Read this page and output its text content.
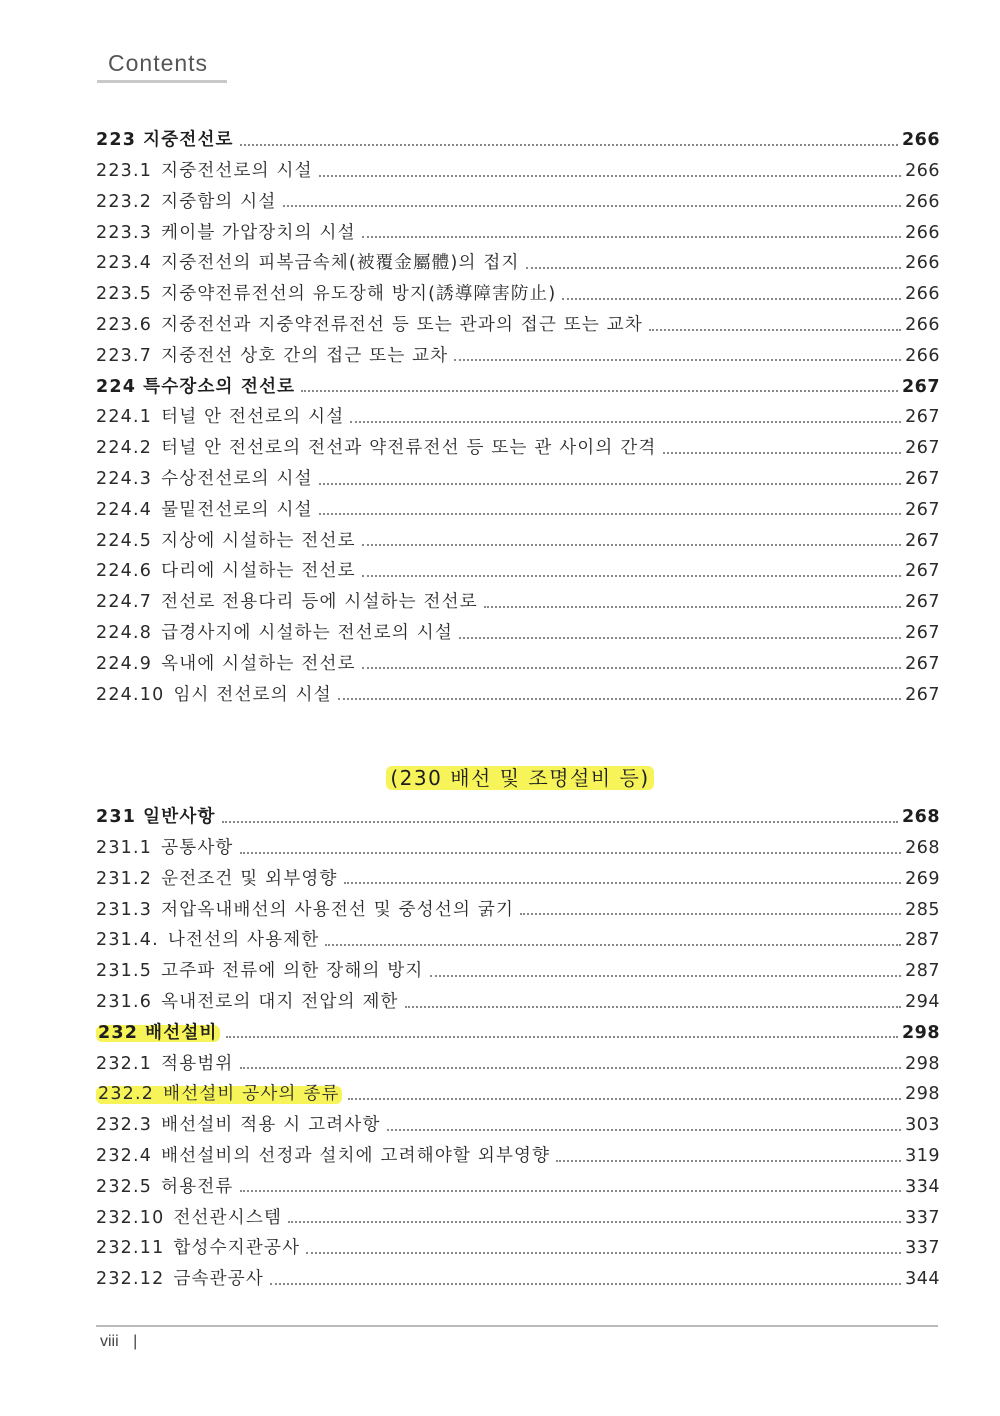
Contents
223 지중전선로	266
223.1 지중전선로의 시설	266
223.2 지중함의 시설	266
223.3 케이블 가압장치의 시설	266
223.4 지중전선의 피복금속체(被覆金屬體)의 접지	266
223.5 지중약전류전선의 유도장해 방지(誘導障害防止)	266
223.6 지중전선과 지중약전류전선 등 또는 관과의 접근 또는 교차	266
223.7 지중전선 상호 간의 접근 또는 교차	266
224 특수장소의 전선로	267
224.1 터널 안 전선로의 시설	267
224.2 터널 안 전선로의 전선과 약전류전선 등 또는 관 사이의 간격	267
224.3 수상전선로의 시설	267
224.4 물밑전선로의 시설	267
224.5 지상에 시설하는 전선로	267
224.6 다리에 시설하는 전선로	267
224.7 전선로 전용다리 등에 시설하는 전선로	267
224.8 급경사지에 시설하는 전선로의 시설	267
224.9 옥내에 시설하는 전선로	267
224.10 임시 전선로의 시설	267
(230 배선 및 조명설비 등)
231 일반사항	268
231.1 공통사항	268
231.2 운전조건 및 외부영향	269
231.3 저압옥내배선의 사용전선 및 중성선의 굵기	285
231.4. 나전선의 사용제한	287
231.5 고주파 전류에 의한 장해의 방지	287
231.6 옥내전로의 대지 전압의 제한	294
232 배선설비	298
232.1 적용범위	298
232.2 배선설비 공사의 종류	298
232.3 배선설비 적용 시 고려사항	303
232.4 배선설비의 선정과 설치에 고려해야할 외부영향	319
232.5 허용전류	334
232.10 전선관시스템	337
232.11 합성수지관공사	337
232.12 금속관공사	344
viii |
